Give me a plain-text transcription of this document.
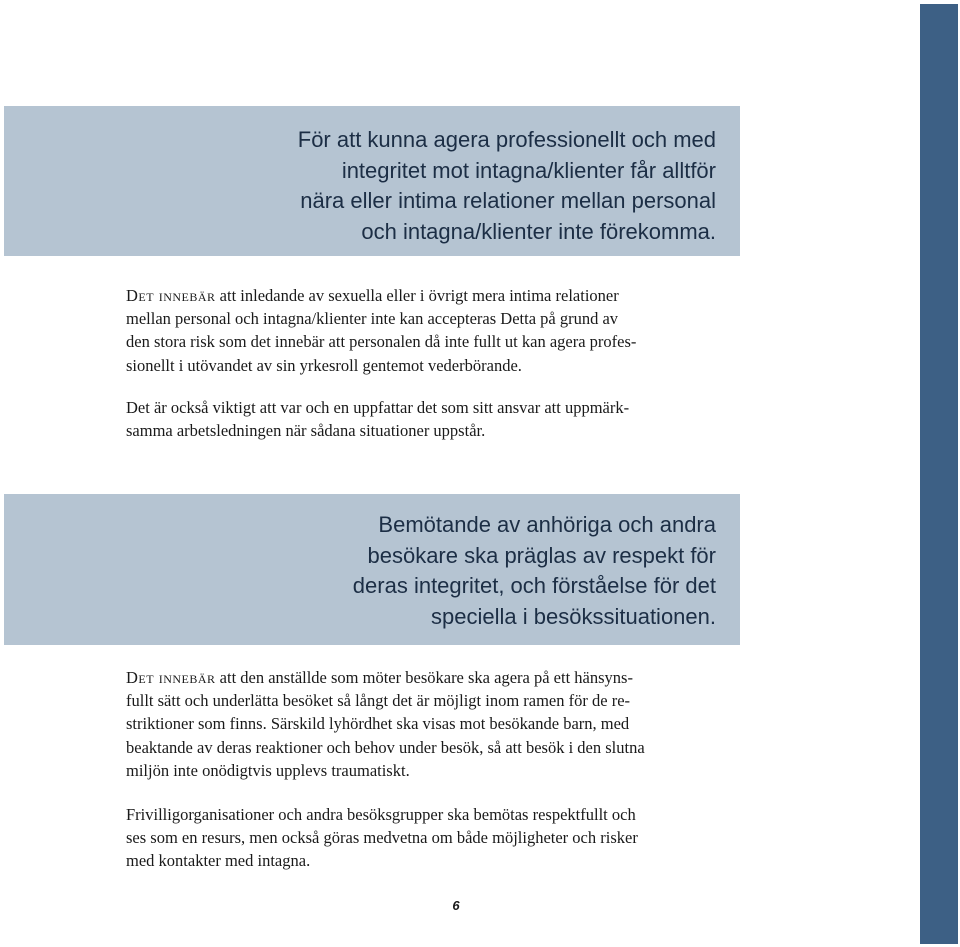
För att kunna agera professionellt och med
integritet mot intagna/klienter får alltför
nära eller intima relationer mellan personal
och intagna/klienter inte förekomma.
Det innebär att inledande av sexuella eller i övrigt mera intima relationer
mellan personal och intagna/klienter inte kan accepteras Detta på grund av
den stora risk som det innebär att personalen då inte fullt ut kan agera profes-
sionellt i utövandet av sin yrkesroll gentemot vederbörande.
Det är också viktigt att var och en uppfattar det som sitt ansvar att uppmärk-
samma arbetsledningen när sådana situationer uppstår.
Bemötande av anhöriga och andra
besökare ska präglas av respekt för
deras integritet, och förståelse för det
speciella i besökssituationen.
Det innebär att den anställde som möter besökare ska agera på ett hänsyns-
fullt sätt och underlätta besöket så långt det är möjligt inom ramen för de re-
striktioner som finns. Särskild lyhördhet ska visas mot besökande barn, med
beaktande av deras reaktioner och behov under besök, så att besök i den slutna
miljön inte onödigtvis upplevs traumatiskt.
Frivilligorganisationer och andra besöksgrupper ska bemötas respektfullt och
ses som en resurs, men också göras medvetna om både möjligheter och risker
med kontakter med intagna.
6
